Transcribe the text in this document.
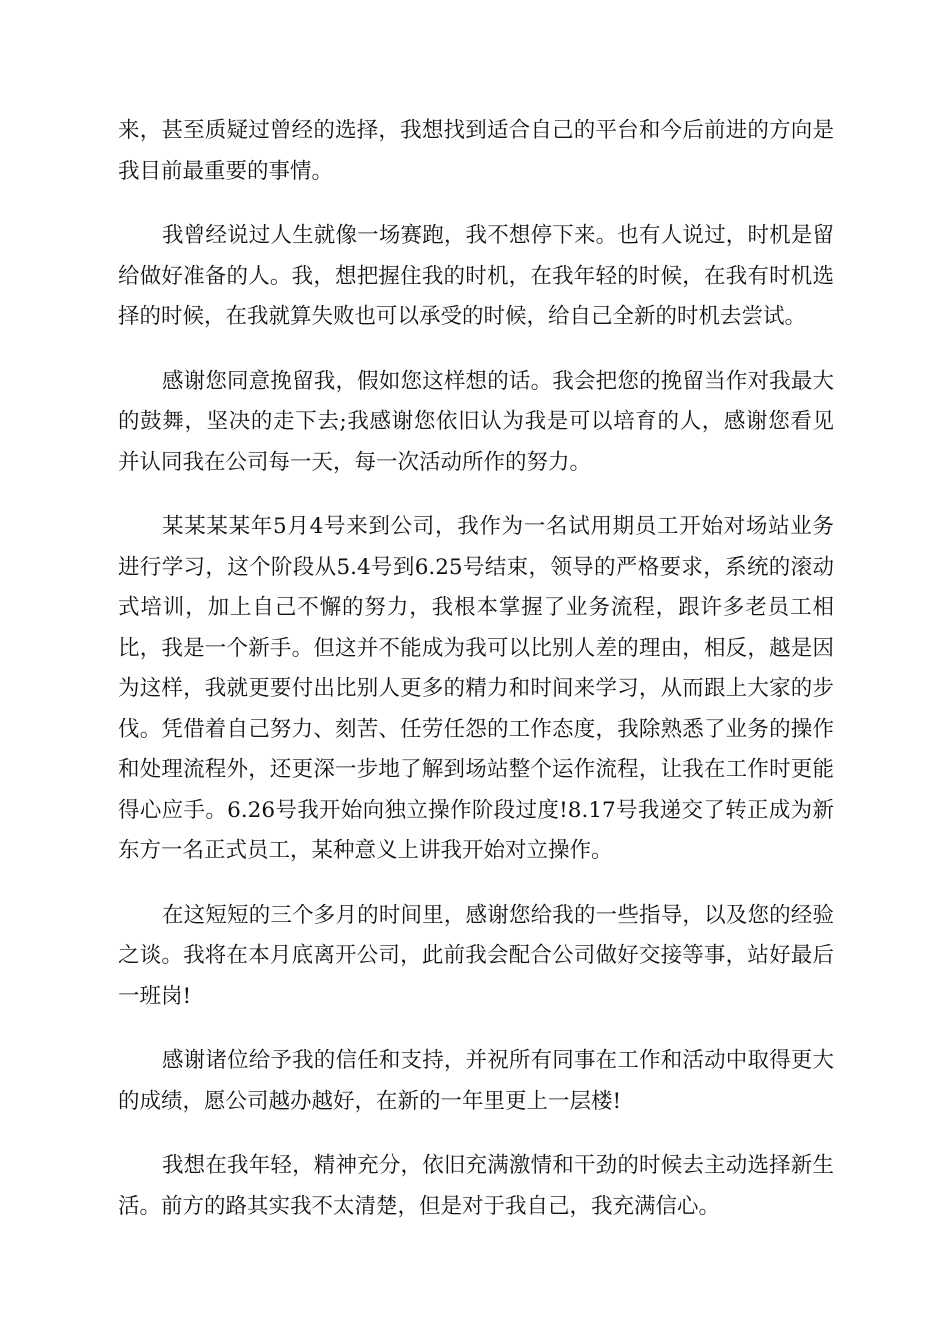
来，甚至质疑过曾经的选择，我想找到适合自己的平台和今后前进的方向是我目前最重要的事情。

我曾经说过人生就像一场赛跑，我不想停下来。也有人说过，时机是留给做好准备的人。我，想把握住我的时机，在我年轻的时候，在我有时机选择的时候，在我就算失败也可以承受的时候，给自己全新的时机去尝试。

感谢您同意挽留我，假如您这样想的话。我会把您的挽留当作对我最大的鼓舞，坚决的走下去;我感谢您依旧认为我是可以培育的人，感谢您看见并认同我在公司每一天，每一次活动所作的努力。

某某某某年5月4号来到公司，我作为一名试用期员工开始对场站业务进行学习，这个阶段从5.4号到6.25号结束，领导的严格要求，系统的滚动式培训，加上自己不懈的努力，我根本掌握了业务流程，跟许多老员工相比，我是一个新手。但这并不能成为我可以比别人差的理由，相反，越是因为这样，我就更要付出比别人更多的精力和时间来学习，从而跟上大家的步伐。凭借着自己努力、刻苦、任劳任怨的工作态度，我除熟悉了业务的操作和处理流程外，还更深一步地了解到场站整个运作流程，让我在工作时更能得心应手。6.26号我开始向独立操作阶段过度!8.17号我递交了转正成为新东方一名正式员工，某种意义上讲我开始对立操作。

在这短短的三个多月的时间里，感谢您给我的一些指导，以及您的经验之谈。我将在本月底离开公司，此前我会配合公司做好交接等事，站好最后一班岗!

感谢诸位给予我的信任和支持，并祝所有同事在工作和活动中取得更大的成绩，愿公司越办越好，在新的一年里更上一层楼!

我想在我年轻，精神充分，依旧充满激情和干劲的时候去主动选择新生活。前方的路其实我不太清楚，但是对于我自己，我充满信心。
